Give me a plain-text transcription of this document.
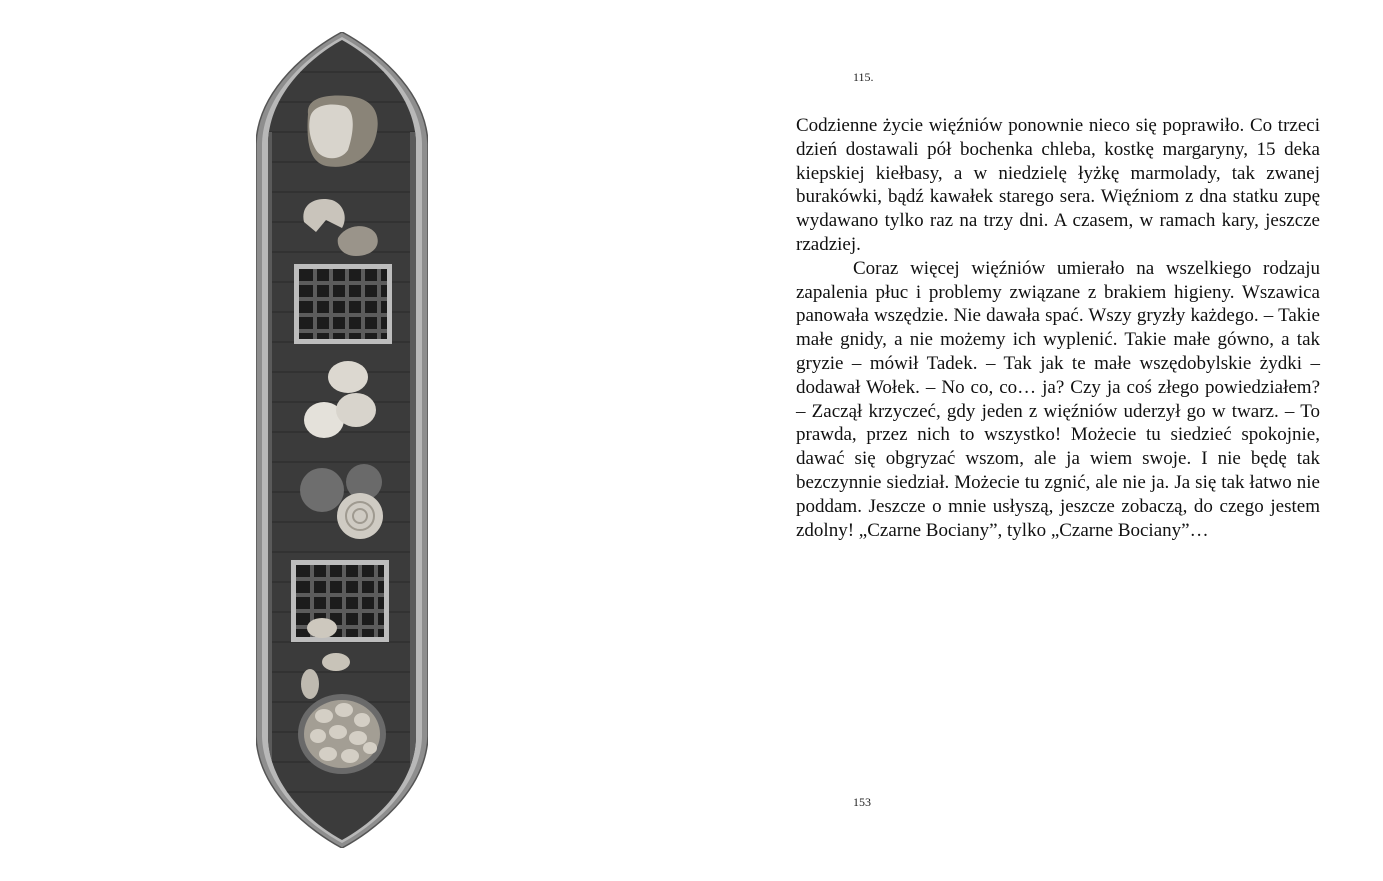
115.

Codzienne życie więźniów ponownie nieco się poprawiło. Co trzeci dzień dostawali pół bochenka chleba, kostkę margaryny, 15 deka kiepskiej kiełbasy, a w niedzielę łyżkę marmolady, tak zwanej burakówki, bądź kawałek starego sera. Więźniom z dna statku zupę wydawano tylko raz na trzy dni. A czasem, w ramach kary, jeszcze rzadziej.

Coraz więcej więźniów umierało na wszelkiego rodzaju zapalenia płuc i problemy związane z brakiem higieny. Wszawica panowała wszędzie. Nie dawała spać. Wszy gryzły każdego. – Takie małe gnidy, a nie możemy ich wyplenić. Takie małe gówno, a tak gryzie – mówił Tadek. – Tak jak te małe wszędobylskie żydki – dodawał Wołek. – No co, co… ja? Czy ja coś złego powiedziałem? – Zaczął krzyczeć, gdy jeden z więźniów uderzył go w twarz. – To prawda, przez nich to wszystko! Możecie tu siedzieć spokojnie, dawać się obgryzać wszom, ale ja wiem swoje. I nie będę tak bezczynnie siedział. Możecie tu zgnić, ale nie ja. Ja się tak łatwo nie poddam. Jeszcze o mnie usłyszą, jeszcze zobaczą, do czego jestem zdolny! „Czarne Bociany”, tylko „Czarne Bociany”…

153
